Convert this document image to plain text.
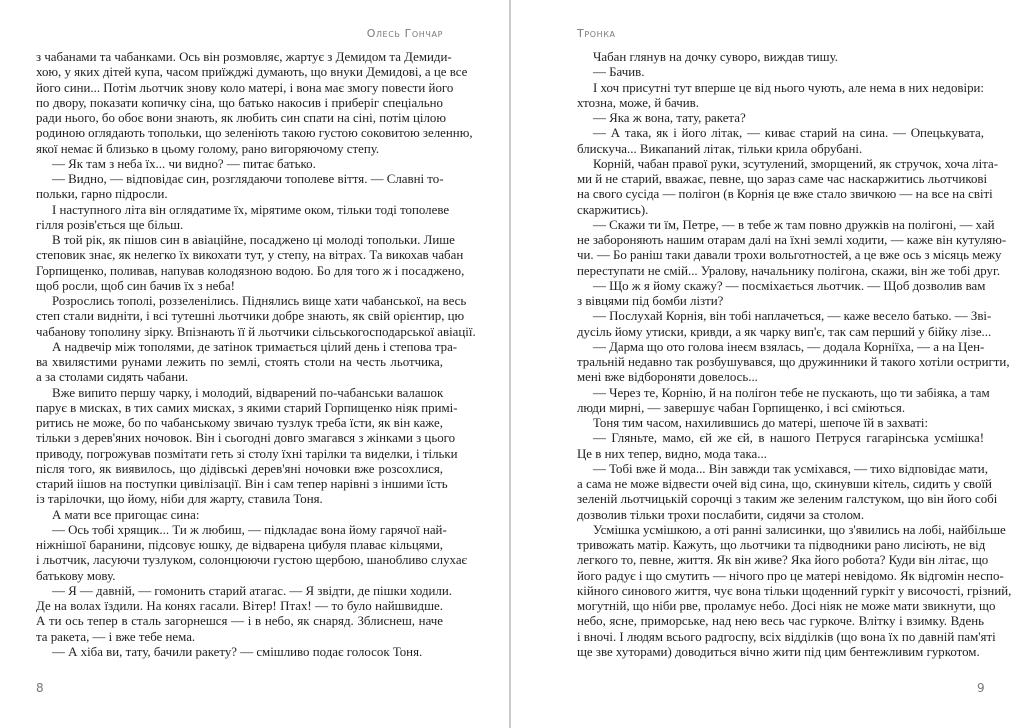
Олесь Гончар
з чабанами та чабанками. Ось він розмовляє, жартує з Демидом та Демиди-
хою, у яких дітей купа, часом приїжджі думають, що внуки Демидові, а це все
його сини... Потім льотчик знову коло матері, і вона має змогу повести його
по двору, показати копичку сіна, що батько накосив і приберіг спеціально
ради нього, бо обоє вони знають, як любить син спати на сіні, потім цілою
родиною оглядають топольки, що зеленіють такою густою соковитою зеленню,
якої немає й близько в цьому голому, рано вигоряючому степу.
— Як там з неба їх... чи видно? — питає батько.
— Видно, — відповідає син, розглядаючи тополеве віття. — Славні то-
польки, гарно підросли.
І наступного літа він оглядатиме їх, мірятиме оком, тільки тоді тополеве
гілля розів'ється ще більш.
В той рік, як пішов син в авіаційне, посаджено ці молоді топольки. Лише
степовик знає, як нелегко їх викохати тут, у степу, на вітрах. Та викохав чабан
Горпищенко, поливав, напував колодязною водою. Бо для того ж і посаджено,
щоб росли, щоб син бачив їх з неба!
Розрослись тополі, роззеленілись. Піднялись вище хати чабанської, на весь
степ стали видніти, і всі тутешні льотчики добре знають, як свій орієнтир, цю
чабанову тополину зірку. Впізнають її й льотчики сільськогосподарської авіації.
А надвечір між тополями, де затінок тримається цілий день і степова тра-
ва хвилястими рунами лежить по землі, стоять столи на честь льотчика,
а за столами сидять чабани.
Вже випито першу чарку, і молодий, відварений по-чабанськи валашок
парує в мисках, в тих самих мисках, з якими старий Горпищенко ніяк примі-
ритись не може, бо по чабанському звичаю тузлук треба їсти, як він каже,
тільки з дерев'яних ночовок. Він і сьогодні довго змагався з жінками з цього
приводу, погрожував позмітати геть зі столу їхні тарілки та виделки, і тільки
після того, як виявилось, що дідівські дерев'яні ночовки вже розсохлися,
старий іішов на поступки цивілізації. Він і сам тепер нарівні з іншими їсть
із тарілочки, що йому, ніби для жарту, ставила Тоня.
А мати все пригощає сина:
— Ось тобі хрящик... Ти ж любиш, — підкладає вона йому гарячої най-
ніжнішої баранини, підсовує юшку, де відварена цибуля плаває кільцями,
і льотчик, ласуючи тузлуком, солонцюючи густою щербою, шанобливо слухає
батькову мову.
— Я — давній, — гомонить старий атагас. — Я звідти, де пішки ходили.
Де на волах їздили. На конях гасали. Вітер! Птах! — то було найшвидше.
А ти ось тепер в сталь загорнешся — і в небо, як снаряд. Зблиснеш, наче
та ракета, — і вже тебе нема.
— А хіба ви, тату, бачили ракету? — смішливо подає голосок Тоня.
8
Тронка
Чабан глянув на дочку суворо, виждав тишу.
— Бачив.
І хоч присутні тут вперше це від нього чують, але нема в них недовіри:
хтозна, може, й бачив.
— Яка ж вона, тату, ракета?
— А така, як і його літак, — киває старий на сина. — Опецькувата,
блискуча... Викапаний літак, тільки крила обрубані.
Корній, чабан правої руки, зсутулений, зморщений, як стручок, хоча літа-
ми й не старий, вважає, певне, що зараз саме час наскаржитись льотчикові
на свого сусіда — полігон (в Корнія це вже стало звичкою — на все на світі
скаржитись).
— Скажи ти їм, Петре, — в тебе ж там повно дружків на полігоні, — хай
не забороняють нашим отарам далі на їхні землі ходити, — каже він кутуляю-
чи. — Бо раніш таки давали трохи вольготностей, а це вже ось з місяць межу
переступати не смій... Уралову, начальнику полігона, скажи, він же тобі друг.
— Що ж я йому скажу? — посміхається льотчик. — Щоб дозволив вам
з вівцями під бомби лізти?
— Послухай Корнія, він тобі наплачеться, — каже весело батько. — Зві-
дусіль йому утиски, кривди, а як чарку вип'є, так сам перший у бійку лізе...
— Дарма що ото голова інеєм взялась, — додала Корніїха, — а на Цен-
тральній недавно так розбушувався, що дружинники й такого хотіли остригти,
мені вже відбороняти довелось...
— Через те, Корнію, й на полігон тебе не пускають, що ти забіяка, а там
люди мирні, — завершує чабан Горпищенко, і всі сміються.
Тоня тим часом, нахилившись до матері, шепоче їй в захваті:
— Гляньте, мамо, єй же єй, в нашого Петруся гагарінська усмішка!
Це в них тепер, видно, мода така...
— Тобі вже й мода... Він завжди так усміхався, — тихо відповідає мати,
а сама не може відвести очей від сина, що, скинувши кітель, сидить у своїй
зеленій льотчицькій сорочці з таким же зеленим галстуком, що він його собі
дозволив тільки трохи послабити, сидячи за столом.
Усмішка усмішкою, а оті ранні залисинки, що з'явились на лобі, найбільше
тривожать матір. Кажуть, що льотчики та підводники рано лисіють, не від
легкого то, певне, життя. Як він живе? Яка його робота? Куди він літає, що
його радує і що смутить — нічого про це матері невідомо. Як відгомін неспо-
кійного синового життя, чує вона тільки щоденний гуркіт у височості, грізний,
могутній, що ніби рве, проламує небо. Досі ніяк не може мати звикнути, що
небо, ясне, приморське, над нею весь час гуркоче. Влітку і взимку. Вдень
і вночі. І людям всього радгоспу, всіх відділків (що вона їх по давній пам'яті
ще зве хуторами) доводиться вічно жити під цим бентежливим гуркотом.
9
